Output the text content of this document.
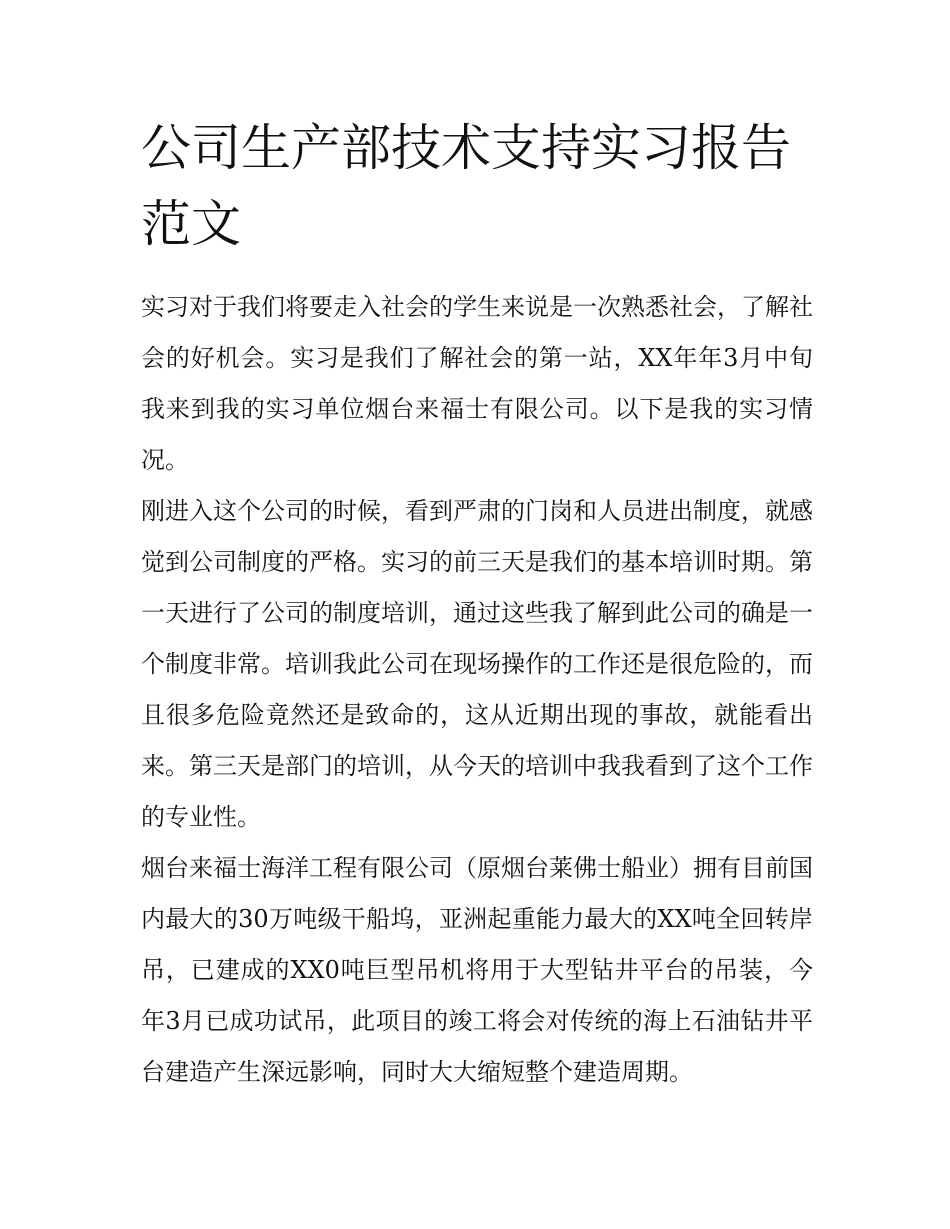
公司生产部技术支持实习报告范文

实习对于我们将要走入社会的学生来说是一次熟悉社会，了解社会的好机会。实习是我们了解社会的第一站，XX年年3月中旬我来到我的实习单位烟台来福士有限公司。以下是我的实习情况。

刚进入这个公司的时候，看到严肃的门岗和人员进出制度，就感觉到公司制度的严格。实习的前三天是我们的基本培训时期。第一天进行了公司的制度培训，通过这些我了解到此公司的确是一个制度非常。培训我此公司在现场操作的工作还是很危险的，而且很多危险竟然还是致命的，这从近期出现的事故，就能看出来。第三天是部门的培训，从今天的培训中我我看到了这个工作的专业性。

烟台来福士海洋工程有限公司（原烟台莱佛士船业）拥有目前国内最大的30万吨级干船坞，亚洲起重能力最大的XX吨全回转岸吊，已建成的XX0吨巨型吊机将用于大型钻井平台的吊装，今年3月已成功试吊，此项目的竣工将会对传统的海上石油钻井平台建造产生深远影响，同时大大缩短整个建造周期。
